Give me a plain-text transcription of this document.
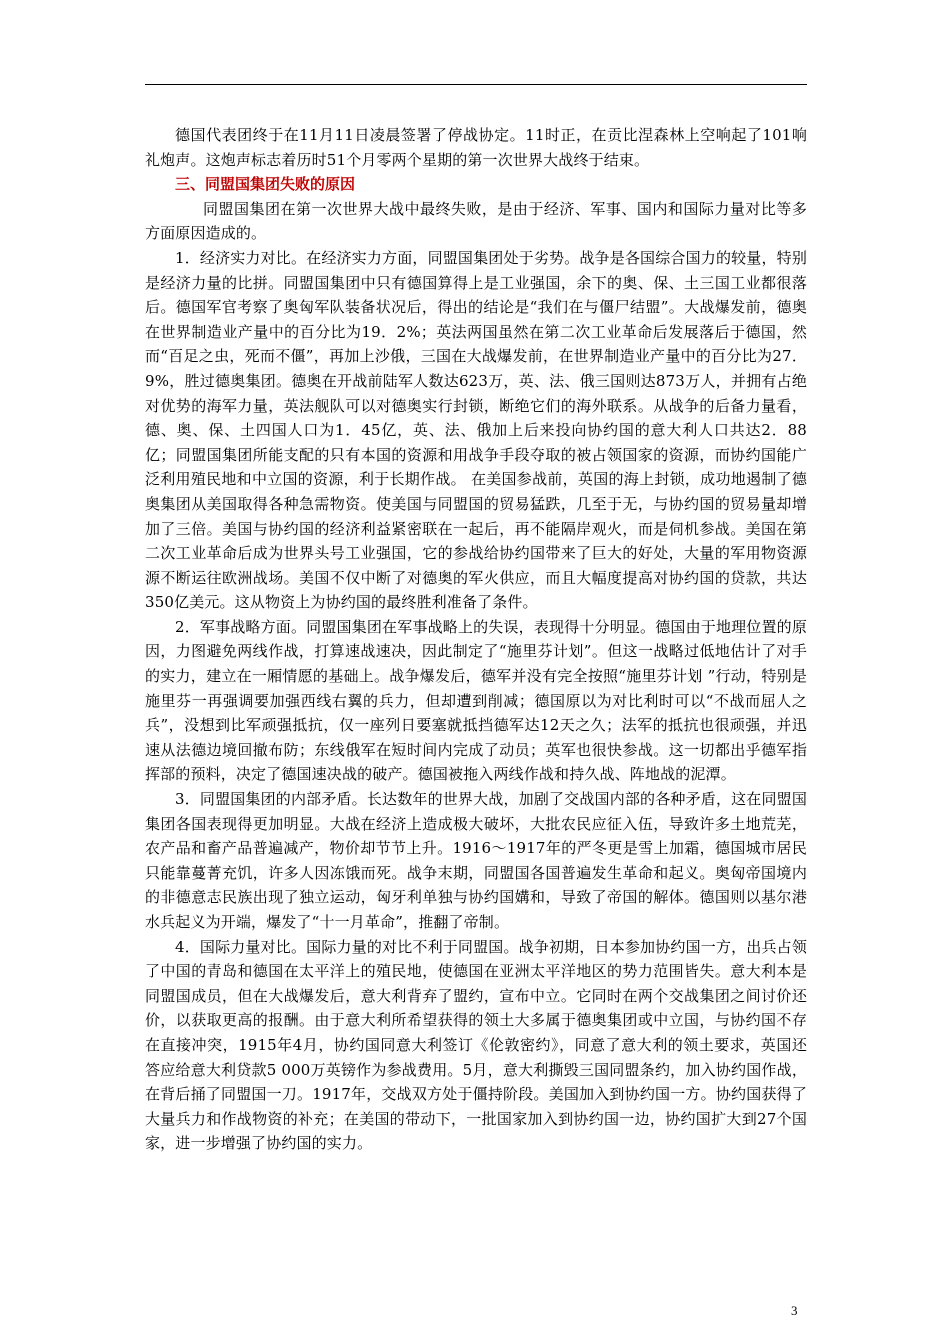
德国代表团终于在11月11日凌晨签署了停战协定。11时正，在贡比涅森林上空响起了101响礼炮声。这炮声标志着历时51个月零两个星期的第一次世界大战终于结束。

三、同盟国集团失败的原因

同盟国集团在第一次世界大战中最终失败，是由于经济、军事、国内和国际力量对比等多方面原因造成的。

1．经济实力对比。在经济实力方面，同盟国集团处于劣势。战争是各国综合国力的较量，特别是经济力量的比拼。同盟国集团中只有德国算得上是工业强国，余下的奥、保、土三国工业都很落后。德国军官考察了奥匈军队装备状况后，得出的结论是“我们在与僵尸结盟”。大战爆发前，德奥在世界制造业产量中的百分比为19．2%；英法两国虽然在第二次工业革命后发展落后于德国，然而“百足之虫，死而不僵”，再加上沙俄，三国在大战爆发前，在世界制造业产量中的百分比为27．9%，胜过德奥集团。德奥在开战前陆军人数达623万，英、法、俄三国则达873万人，并拥有占绝对优势的海军力量，英法舰队可以对德奥实行封锁，断绝它们的海外联系。从战争的后备力量看，德、奥、保、土四国人口为1．45亿，英、法、俄加上后来投向协约国的意大利人口共达2．88亿；同盟国集团所能支配的只有本国的资源和用战争手段夺取的被占领国家的资源，而协约国能广泛利用殖民地和中立国的资源，利于长期作战。 在美国参战前，英国的海上封锁，成功地遏制了德奥集团从美国取得各种急需物资。使美国与同盟国的贸易猛跌，几至于无，与协约国的贸易量却增加了三倍。美国与协约国的经济利益紧密联在一起后，再不能隔岸观火，而是伺机参战。美国在第二次工业革命后成为世界头号工业强国，它的参战给协约国带来了巨大的好处，大量的军用物资源源不断运往欧洲战场。美国不仅中断了对德奥的军火供应，而且大幅度提高对协约国的贷款，共达350亿美元。这从物资上为协约国的最终胜利准备了条件。

2．军事战略方面。同盟国集团在军事战略上的失误，表现得十分明显。德国由于地理位置的原因，力图避免两线作战，打算速战速决，因此制定了“施里芬计划”。但这一战略过低地估计了对手的实力，建立在一厢情愿的基础上。战争爆发后，德军并没有完全按照“施里芬计划 ”行动，特别是施里芬一再强调要加强西线右翼的兵力，但却遭到削减；德国原以为对比利时可以“不战而屈人之兵”，没想到比军顽强抵抗，仅一座列日要塞就抵挡德军达12天之久；法军的抵抗也很顽强，并迅速从法德边境回撤布防；东线俄军在短时间内完成了动员；英军也很快参战。这一切都出乎德军指挥部的预料，决定了德国速决战的破产。德国被拖入两线作战和持久战、阵地战的泥潭。

3．同盟国集团的内部矛盾。长达数年的世界大战，加剧了交战国内部的各种矛盾，这在同盟国集团各国表现得更加明显。大战在经济上造成极大破坏，大批农民应征入伍，导致许多土地荒芜，农产品和畜产品普遍减产，物价却节节上升。1916～1917年的严冬更是雪上加霜，德国城市居民只能靠蔓菁充饥，许多人因冻饿而死。战争末期，同盟国各国普遍发生革命和起义。奥匈帝国境内的非德意志民族出现了独立运动，匈牙利单独与协约国媾和，导致了帝国的解体。德国则以基尔港水兵起义为开端，爆发了“十一月革命”，推翻了帝制。

4．国际力量对比。国际力量的对比不利于同盟国。战争初期，日本参加协约国一方，出兵占领了中国的青岛和德国在太平洋上的殖民地，使德国在亚洲太平洋地区的势力范围皆失。意大利本是同盟国成员，但在大战爆发后，意大利背弃了盟约，宣布中立。它同时在两个交战集团之间讨价还价，以获取更高的报酬。由于意大利所希望获得的领土大多属于德奥集团或中立国，与协约国不存在直接冲突，1915年4月，协约国同意大利签订《伦敦密约》，同意了意大利的领土要求，英国还答应给意大利贷款5 000万英镑作为参战费用。5月，意大利撕毁三国同盟条约，加入协约国作战，在背后捅了同盟国一刀。1917年，交战双方处于僵持阶段。美国加入到协约国一方。协约国获得了大量兵力和作战物资的补充；在美国的带动下，一批国家加入到协约国一边，协约国扩大到27个国家，进一步增强了协约国的实力。

3
